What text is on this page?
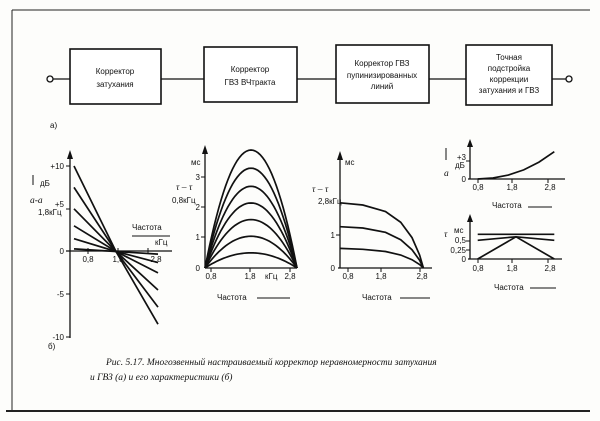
Корректор
затухания
Корректор
ГВЗ ВЧтракта
Корректор ГВЗ
пупинизированных
линий
Точная
подстройка
коррекции
затухания и ГВЗ
а)
+10
+5
0
-5
-10
0,8 1,8	2,8
дБ
а-а
1,8кГц
Частота
кГц
0
1
2
3
0,8	1,8	2,8
кГц
мс
τ – τ
0,8кГц
Частота
0
1
0,8	1,8	2,8
мс
τ – τ
2,8кГц
Частота
0
+3
дБ
a
0,8	1,8	2,8
Частота
0
0,25
0,5
мс
τ
0,8	1,8	2,8
Частота
б)
Рис. 5.17. Многозвенный настраиваемый корректор неравномерности затухания
и ГВЗ (а) и его характеристики (б)
